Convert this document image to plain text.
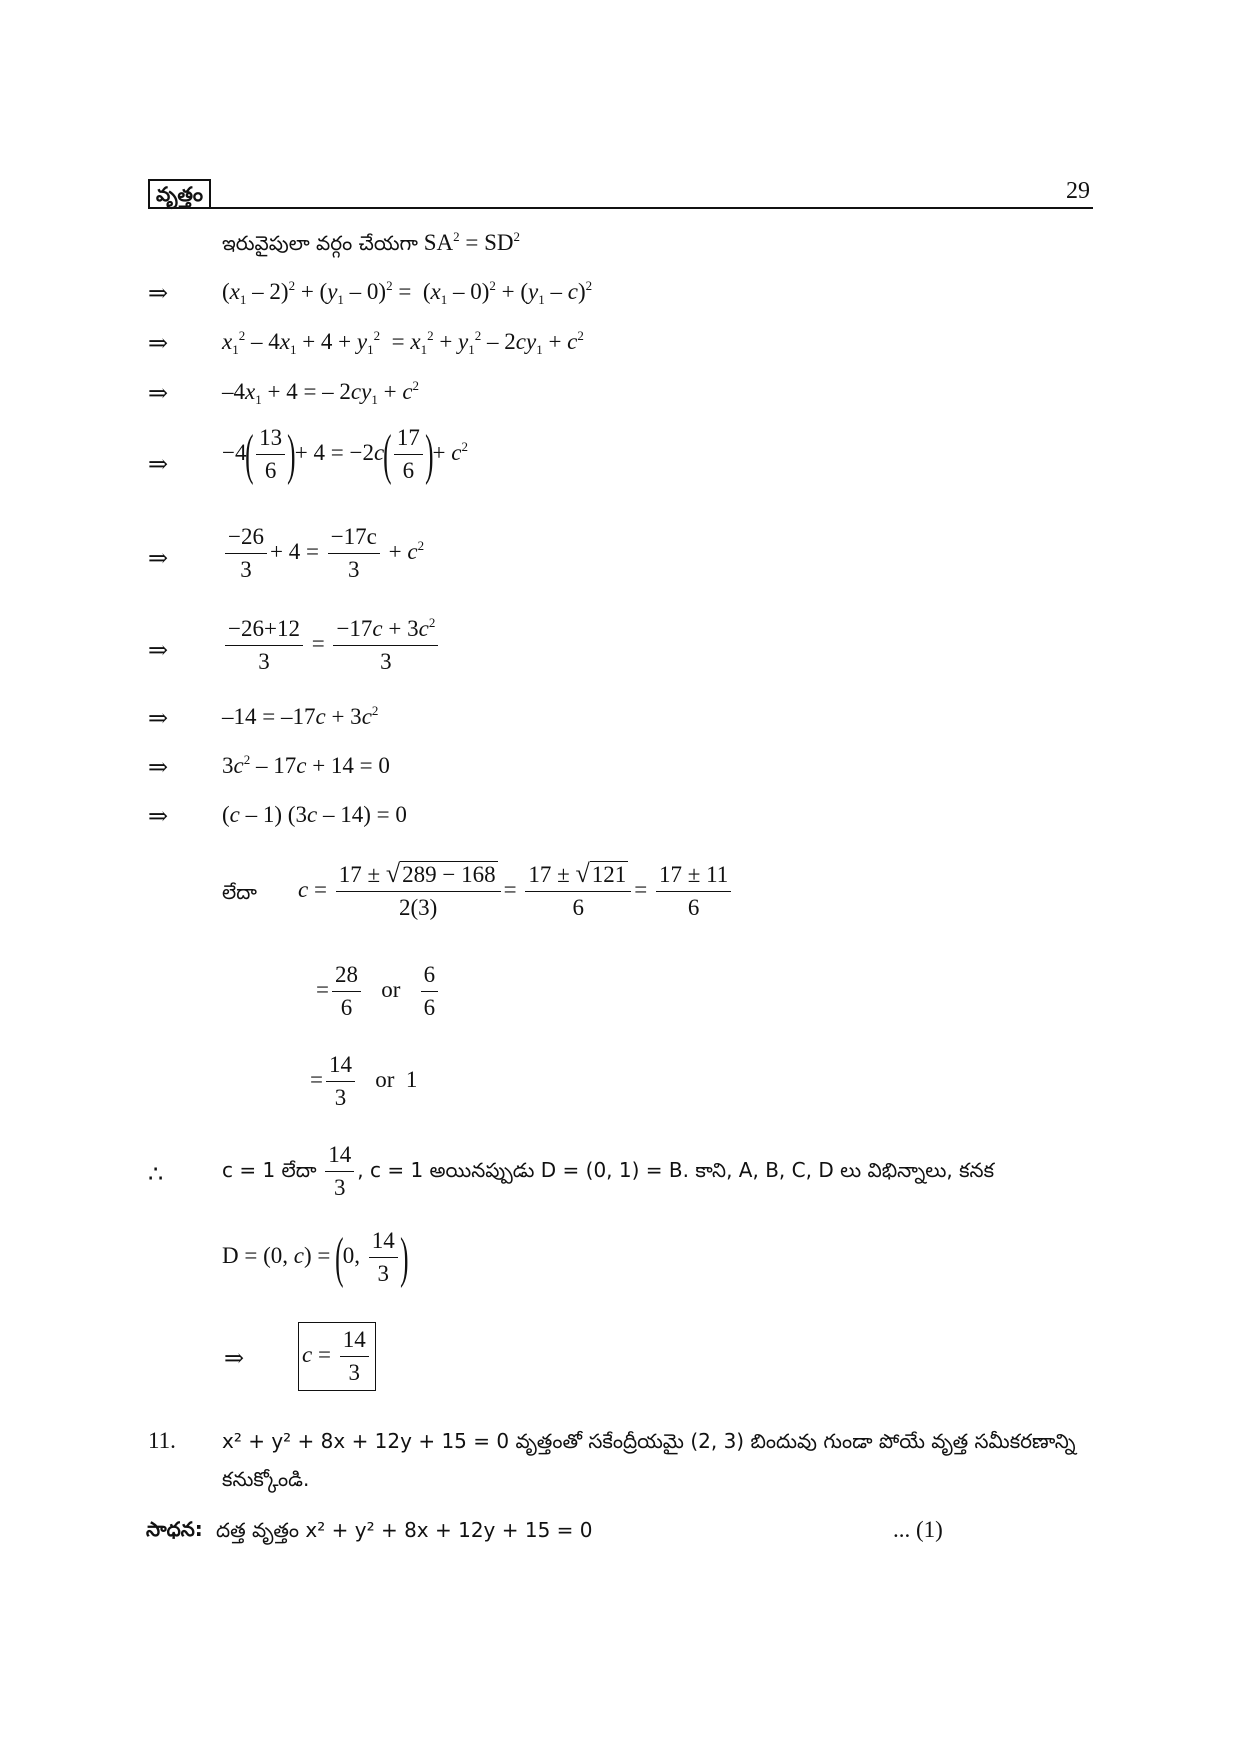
వృత్తం	29
ఇరువైపులా వర్గం చేయగా $SA^2 = SD^2$
⇒ $(x_1 - 2)^2 + (y_1 - 0)^2 = (x_1 - 0)^2 + (y_1 - c)^2$
⇒ $x_1^2 - 4x_1 + 4 + y_1^2 = x_1^2 + y_1^2 - 2cy_1 + c^2$
⇒ $-4x_1 + 4$ = – $2cy_1 + c^2$
⇒ $-4( \frac{13}{6}$ )+ $4 = -2c( \frac{17}{6}$ )+ $c^2$
⇒ $\frac{-26}{3} + 4 = \frac{-17c}{3} + c^2$
⇒ $\frac{-26+12}{3} = \frac{-17c + 3c^2}{3}$
⇒ $-14 = -17c + 3c^2$
⇒ $3c^2 - 17c + 14 = 0$
⇒ (c – 1) (3c – 14) = 0
లేదా $c = \frac{17 \pm √ 289 - 168}{2(3)} = \frac{17 \pm √ 121}{6} = \frac{17 \pm 11}{6}$
= $\frac{28}{6}$ or $\frac{6}{6}$
= $\frac{14}{3}$ or 1
∴	c = 1 లేదా $\frac{14}{3}$ , c = 1 అయినప్పుడు D = (0, 1) = B. కాని, A, B, C, D లు విభిన్నాలు, కనక
D = (0, c) = (0, $\frac{14}{3}$ )
⇒	$c = \frac{14}{3}$
11. x² + y² + 8x + 12y + 15 = 0 వృత్తంతో సకేంద్రీయమై (2, 3) బిందువు గుండా పోయే వృత్త సమీకరణాన్ని
కనుక్కోండి.
సాధన: దత్త వృత్తం x² + y² + 8x + 12y + 15 = 0	... (1)
